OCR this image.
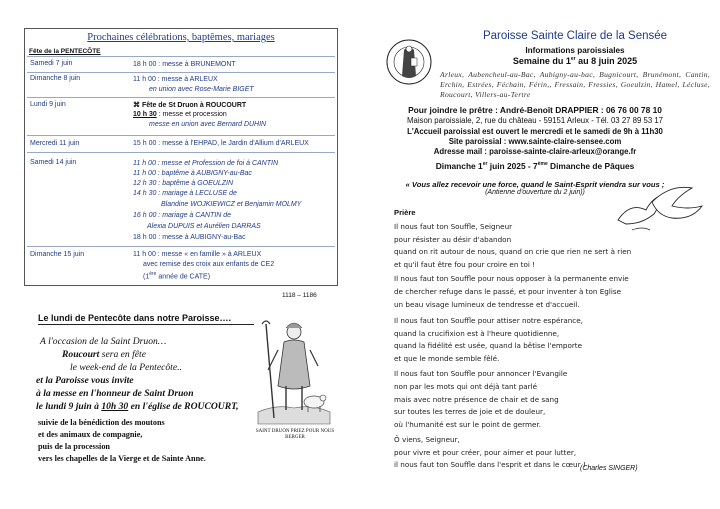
Prochaines célébrations, baptêmes, mariages
Fête de la PENTECÔTE
Samedi 7 juin	18 h 00 : messe à BRUNEMONT
Dimanche 8 juin	11 h 00 : messe à ARLEUX
en union avec Rose-Marie BIGET
Lundi 9 juin	⌘ Fête de St Druon à ROUCOURT
10 h 30 : messe et procession
messe en union avec Bernard DUHIN
Mercredi 11 juin	15 h 00 : messe à l'EHPAD, le Jardin d'Allium d'ARLEUX
Samedi 14 juin	11 h 00 : messe et Profession de foi à CANTIN
11 h 00 : baptême à AUBIGNY-au-Bac
12 h 30 : baptême à GOEULZIN
14 h 30 : mariage à LECLUSE de
Blandine WOJKIEWICZ et Benjamin MOLMY
16 h 00 : mariage à CANTIN de
Alexia DUPUIS et Aurélien DARRAS
18 h 00 : messe à AUBIGNY-au-Bac
Dimanche 15 juin	11 h 00 : messe « en famille » à ARLEUX
avec remise des croix aux enfants de CE2
(1ère année de CATE)
1118 – 1186
Le lundi de Pentecôte dans notre Paroisse….
A l'occasion de la Saint Druon…
Roucourt sera en fête
le week-end de la Pentecôte..
et la Paroisse vous invite
à la messe en l'honneur de Saint Druon
le lundi 9 juin à 10h 30 en l'église de ROUCOURT,
suivie de la bénédiction des moutons
et des animaux de compagnie,
puis de la procession
vers les chapelles de la Vierge et de Sainte Anne.
SAINT DRUON PRIEZ POUR NOUS
BERGER
Paroisse Sainte Claire de la Sensée
Informations paroissiales
Semaine du 1er au 8 juin 2025
Arleux, Aubencheul-au-Bac, Aubigny-au-bac, Bugnicourt, Brunémont, Cantin, Erchin, Estrées, Féchain, Férin,, Fressain, Fressies, Goeulzin, Hamel, Lécluse, Roucourt, Villers-au-Tertre
Pour joindre le prêtre : André-Benoît DRAPPIER : 06 76 00 78 10
Maison paroissiale, 2, rue du château - 59151 Arleux - Tél. 03 27 89 53 17
L'Accueil paroissial est ouvert le mercredi et le samedi de 9h à 11h30
Site paroissial : www.sainte-claire-sensee.com
Adresse mail : paroisse-sainte-claire-arleux@orange.fr
Dimanche 1er juin 2025 - 7ème Dimanche de Pâques
« Vous allez recevoir une force, quand le Saint-Esprit viendra sur vous ;
(Antienne d'ouverture du 2 juin))
Prière
Il nous faut ton Souffle, Seigneur
pour résister au désir d'abandon
quand on rit autour de nous, quand on crie que rien ne sert à rien
et qu'il faut être fou pour croire en toi !
Il nous faut ton Souffle pour nous opposer à la permanente envie
de chercher refuge dans le passé, et pour inventer à ton Eglise
un beau visage lumineux de tendresse et d'accueil.
Il nous faut ton Souffle pour attiser notre espérance,
quand la crucifixion est à l'heure quotidienne,
quand la fidélité est usée, quand la bêtise l'emporte
et que le monde semble fêlé.
Il nous faut ton Souffle pour annoncer l'Evangile
non par les mots qui ont déjà tant parlé
mais avec notre présence de chair et de sang
sur toutes les terres de joie et de douleur,
où l'humanité est sur le point de germer.
Ô viens, Seigneur,
pour vivre et pour créer, pour aimer et pour lutter,
il nous faut ton Souffle dans l'esprit et dans le cœur !
(Charles SINGER)
